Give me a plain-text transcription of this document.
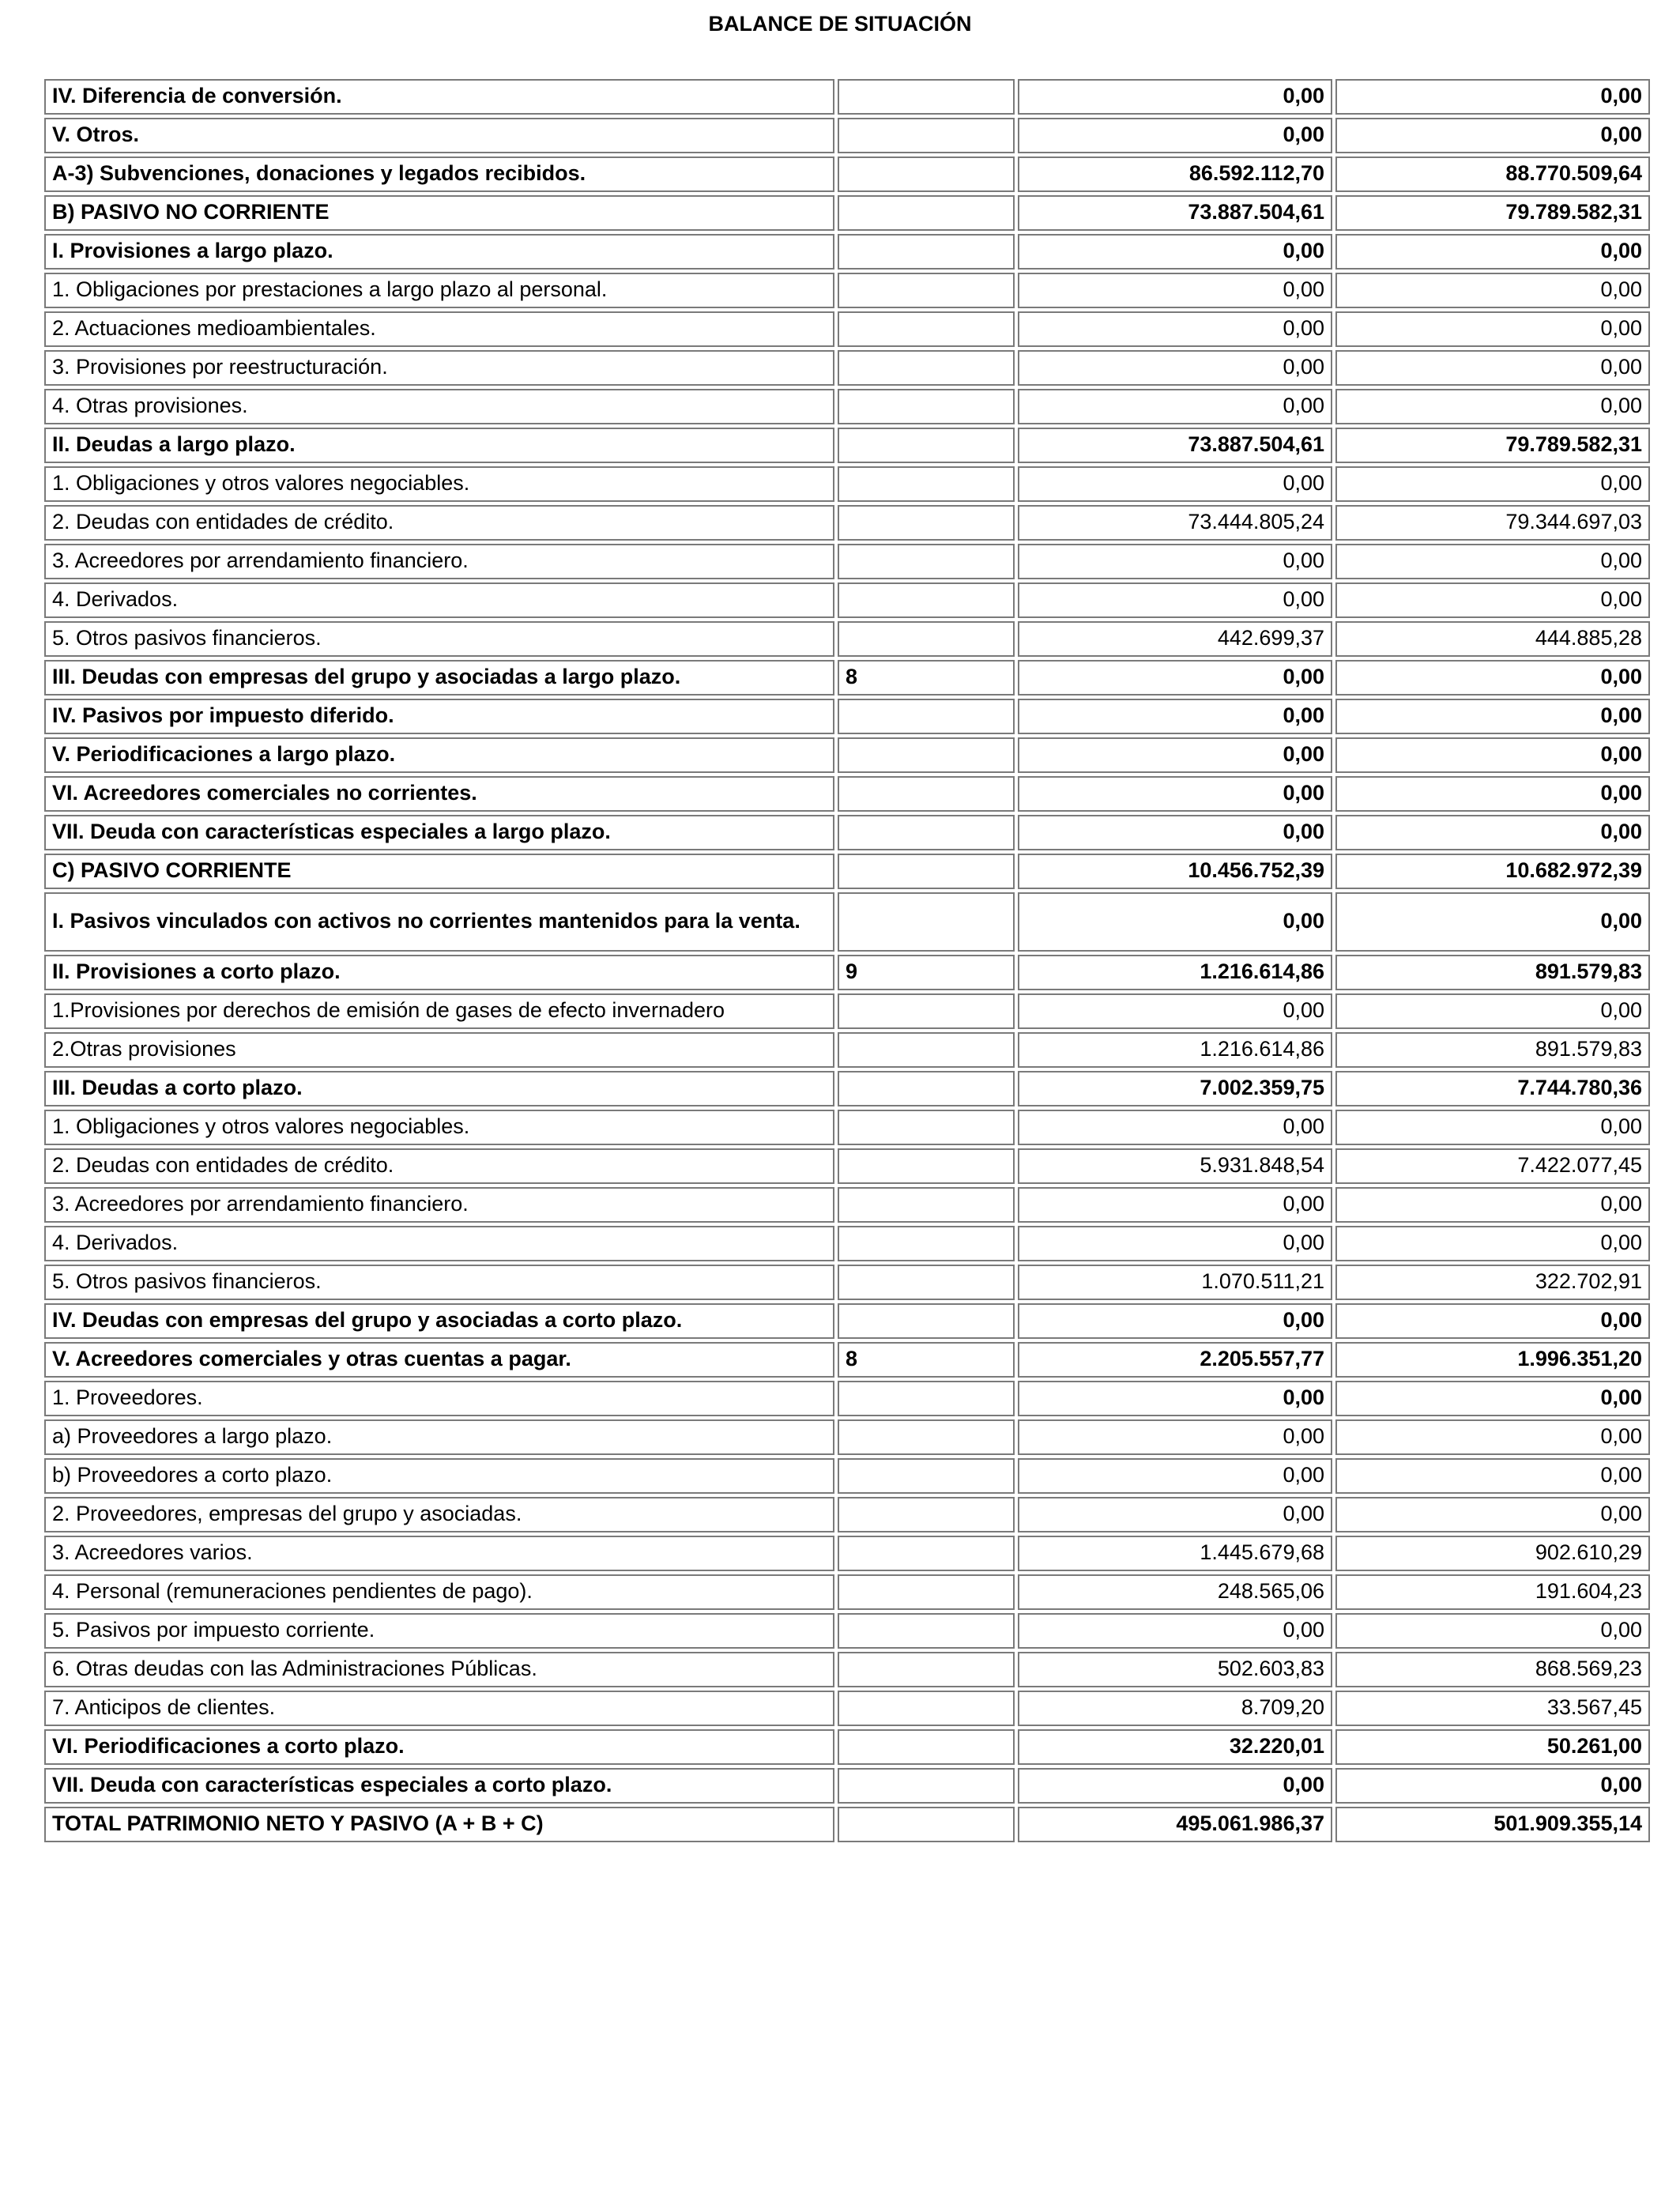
BALANCE DE SITUACIÓN
IV. Diferencia de conversión.		0,00	0,00
V. Otros.		0,00	0,00
A-3) Subvenciones, donaciones y legados recibidos.		86.592.112,70	88.770.509,64
B) PASIVO NO CORRIENTE		73.887.504,61	79.789.582,31
I. Provisiones a largo plazo.		0,00	0,00
1. Obligaciones por prestaciones a largo plazo al personal.		0,00	0,00
2. Actuaciones medioambientales.		0,00	0,00
3. Provisiones por reestructuración.		0,00	0,00
4. Otras provisiones.		0,00	0,00
II. Deudas a largo plazo.		73.887.504,61	79.789.582,31
1. Obligaciones y otros valores negociables.		0,00	0,00
2. Deudas con entidades de crédito.		73.444.805,24	79.344.697,03
3. Acreedores por arrendamiento financiero.		0,00	0,00
4. Derivados.		0,00	0,00
5. Otros pasivos financieros.		442.699,37	444.885,28
III. Deudas con empresas del grupo y asociadas a largo plazo.	8	0,00	0,00
IV. Pasivos por impuesto diferido.		0,00	0,00
V. Periodificaciones a largo plazo.		0,00	0,00
VI. Acreedores comerciales no corrientes.		0,00	0,00
VII. Deuda con características especiales a largo plazo.		0,00	0,00
C) PASIVO CORRIENTE		10.456.752,39	10.682.972,39
I. Pasivos vinculados con activos no corrientes mantenidos para la venta.		0,00	0,00
II. Provisiones a corto plazo.	9	1.216.614,86	891.579,83
1.Provisiones por derechos de emisión de gases de efecto invernadero		0,00	0,00
2.Otras provisiones		1.216.614,86	891.579,83
III. Deudas a corto plazo.		7.002.359,75	7.744.780,36
1. Obligaciones y otros valores negociables.		0,00	0,00
2. Deudas con entidades de crédito.		5.931.848,54	7.422.077,45
3. Acreedores por arrendamiento financiero.		0,00	0,00
4. Derivados.		0,00	0,00
5. Otros pasivos financieros.		1.070.511,21	322.702,91
IV. Deudas con empresas del grupo y asociadas a corto plazo.		0,00	0,00
V. Acreedores comerciales y otras cuentas a pagar.	8	2.205.557,77	1.996.351,20
1. Proveedores.		0,00	0,00
a) Proveedores a largo plazo.		0,00	0,00
b) Proveedores a corto plazo.		0,00	0,00
2. Proveedores, empresas del grupo y asociadas.		0,00	0,00
3. Acreedores varios.		1.445.679,68	902.610,29
4. Personal (remuneraciones pendientes de pago).		248.565,06	191.604,23
5. Pasivos por impuesto corriente.		0,00	0,00
6. Otras deudas con las Administraciones Públicas.		502.603,83	868.569,23
7. Anticipos de clientes.		8.709,20	33.567,45
VI. Periodificaciones a corto plazo.		32.220,01	50.261,00
VII. Deuda con características especiales a corto plazo.		0,00	0,00
TOTAL PATRIMONIO NETO Y PASIVO (A + B + C)		495.061.986,37	501.909.355,14
